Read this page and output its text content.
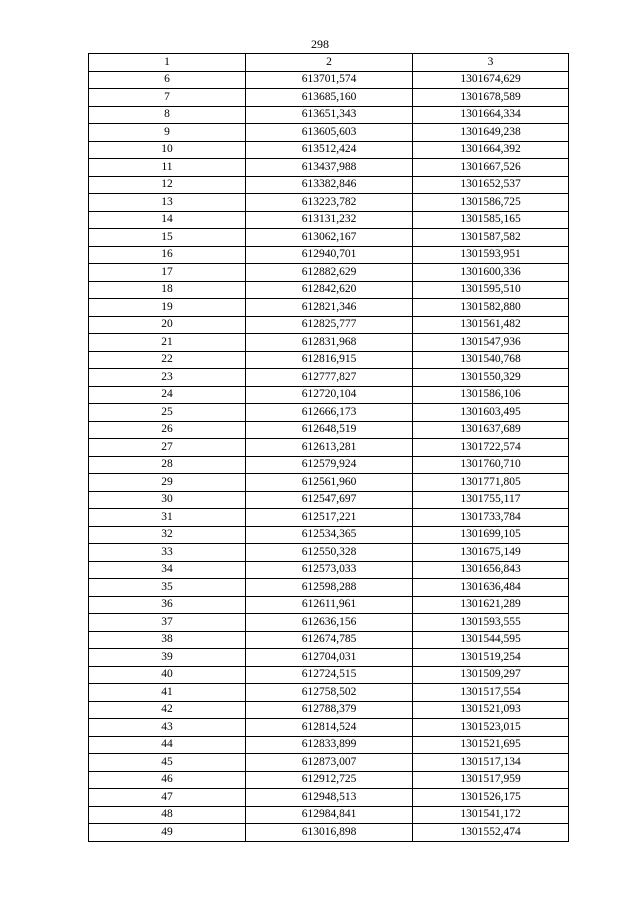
298
1	2	3
6	613701,574	1301674,629
7	613685,160	1301678,589
8	613651,343	1301664,334
9	613605,603	1301649,238
10	613512,424	1301664,392
11	613437,988	1301667,526
12	613382,846	1301652,537
13	613223,782	1301586,725
14	613131,232	1301585,165
15	613062,167	1301587,582
16	612940,701	1301593,951
17	612882,629	1301600,336
18	612842,620	1301595,510
19	612821,346	1301582,880
20	612825,777	1301561,482
21	612831,968	1301547,936
22	612816,915	1301540,768
23	612777,827	1301550,329
24	612720,104	1301586,106
25	612666,173	1301603,495
26	612648,519	1301637,689
27	612613,281	1301722,574
28	612579,924	1301760,710
29	612561,960	1301771,805
30	612547,697	1301755,117
31	612517,221	1301733,784
32	612534,365	1301699,105
33	612550,328	1301675,149
34	612573,033	1301656,843
35	612598,288	1301636,484
36	612611,961	1301621,289
37	612636,156	1301593,555
38	612674,785	1301544,595
39	612704,031	1301519,254
40	612724,515	1301509,297
41	612758,502	1301517,554
42	612788,379	1301521,093
43	612814,524	1301523,015
44	612833,899	1301521,695
45	612873,007	1301517,134
46	612912,725	1301517,959
47	612948,513	1301526,175
48	612984,841	1301541,172
49	613016,898	1301552,474
